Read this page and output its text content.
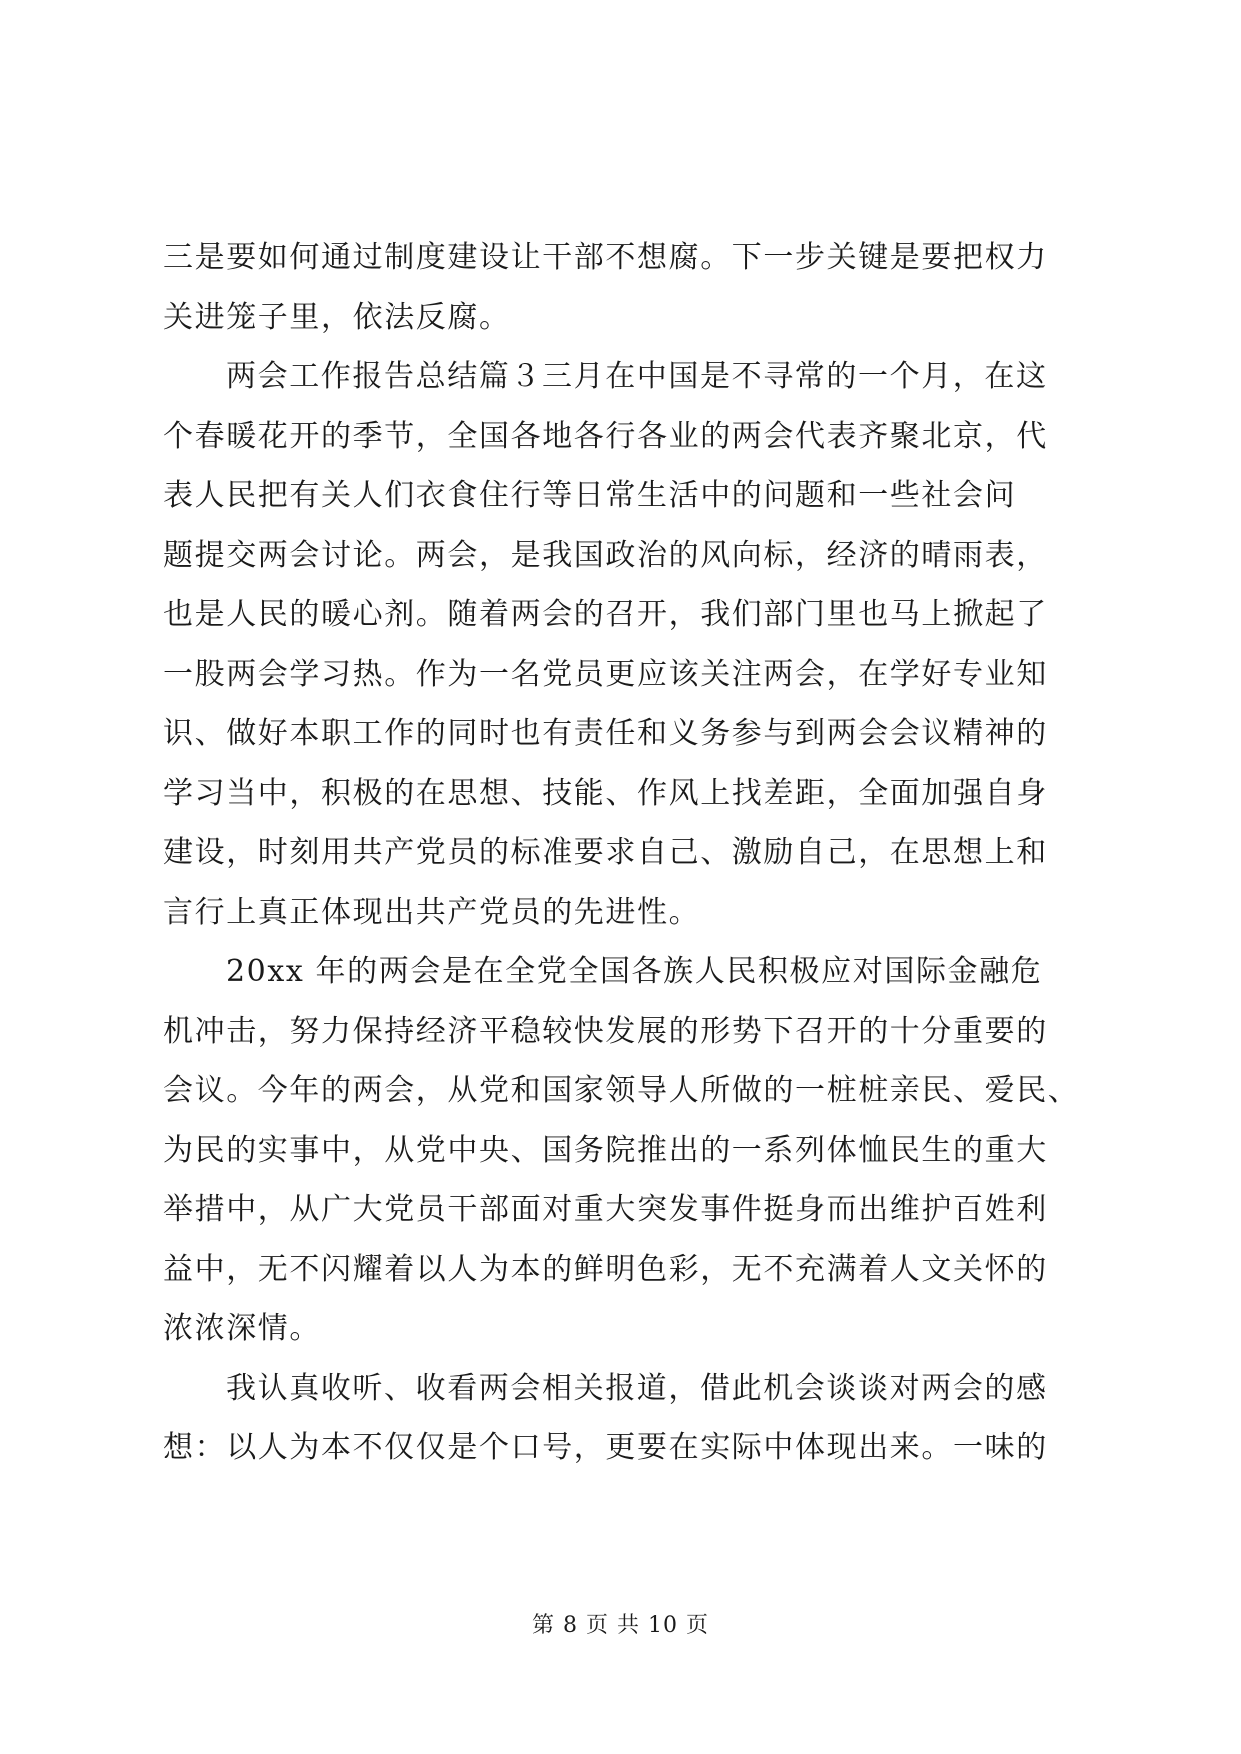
三是要如何通过制度建设让干部不想腐。下一步关键是要把权力
关进笼子里，依法反腐。

两会工作报告总结篇３三月在中国是不寻常的一个月，在这
个春暖花开的季节，全国各地各行各业的两会代表齐聚北京，代
表人民把有关人们衣食住行等日常生活中的问题和一些社会问
题提交两会讨论。两会，是我国政治的风向标，经济的晴雨表，
也是人民的暖心剂。随着两会的召开，我们部门里也马上掀起了
一股两会学习热。作为一名党员更应该关注两会，在学好专业知
识、做好本职工作的同时也有责任和义务参与到两会会议精神的
学习当中，积极的在思想、技能、作风上找差距，全面加强自身
建设，时刻用共产党员的标准要求自己、激励自己，在思想上和
言行上真正体现出共产党员的先进性。

20xx 年的两会是在全党全国各族人民积极应对国际金融危
机冲击，努力保持经济平稳较快发展的形势下召开的十分重要的
会议。今年的两会，从党和国家领导人所做的一桩桩亲民、爱民、
为民的实事中，从党中央、国务院推出的一系列体恤民生的重大
举措中，从广大党员干部面对重大突发事件挺身而出维护百姓利
益中，无不闪耀着以人为本的鲜明色彩，无不充满着人文关怀的
浓浓深情。

我认真收听、收看两会相关报道，借此机会谈谈对两会的感
想：以人为本不仅仅是个口号，更要在实际中体现出来。一味的

第 8 页 共 10 页
